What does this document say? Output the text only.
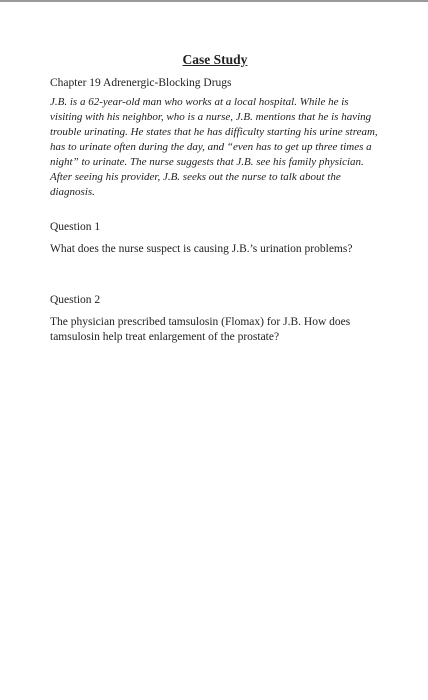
Case Study

Chapter 19 Adrenergic-Blocking Drugs

J.B. is a 62-year-old man who works at a local hospital. While he is visiting with his neighbor, who is a nurse, J.B. mentions that he is having trouble urinating. He states that he has difficulty starting his urine stream, has to urinate often during the day, and “even has to get up three times a night” to urinate. The nurse suggests that J.B. see his family physician. After seeing his provider, J.B. seeks out the nurse to talk about the diagnosis.

Question 1

What does the nurse suspect is causing J.B.’s urination problems?

Question 2

The physician prescribed tamsulosin (Flomax) for J.B. How does tamsulosin help treat enlargement of the prostate?
